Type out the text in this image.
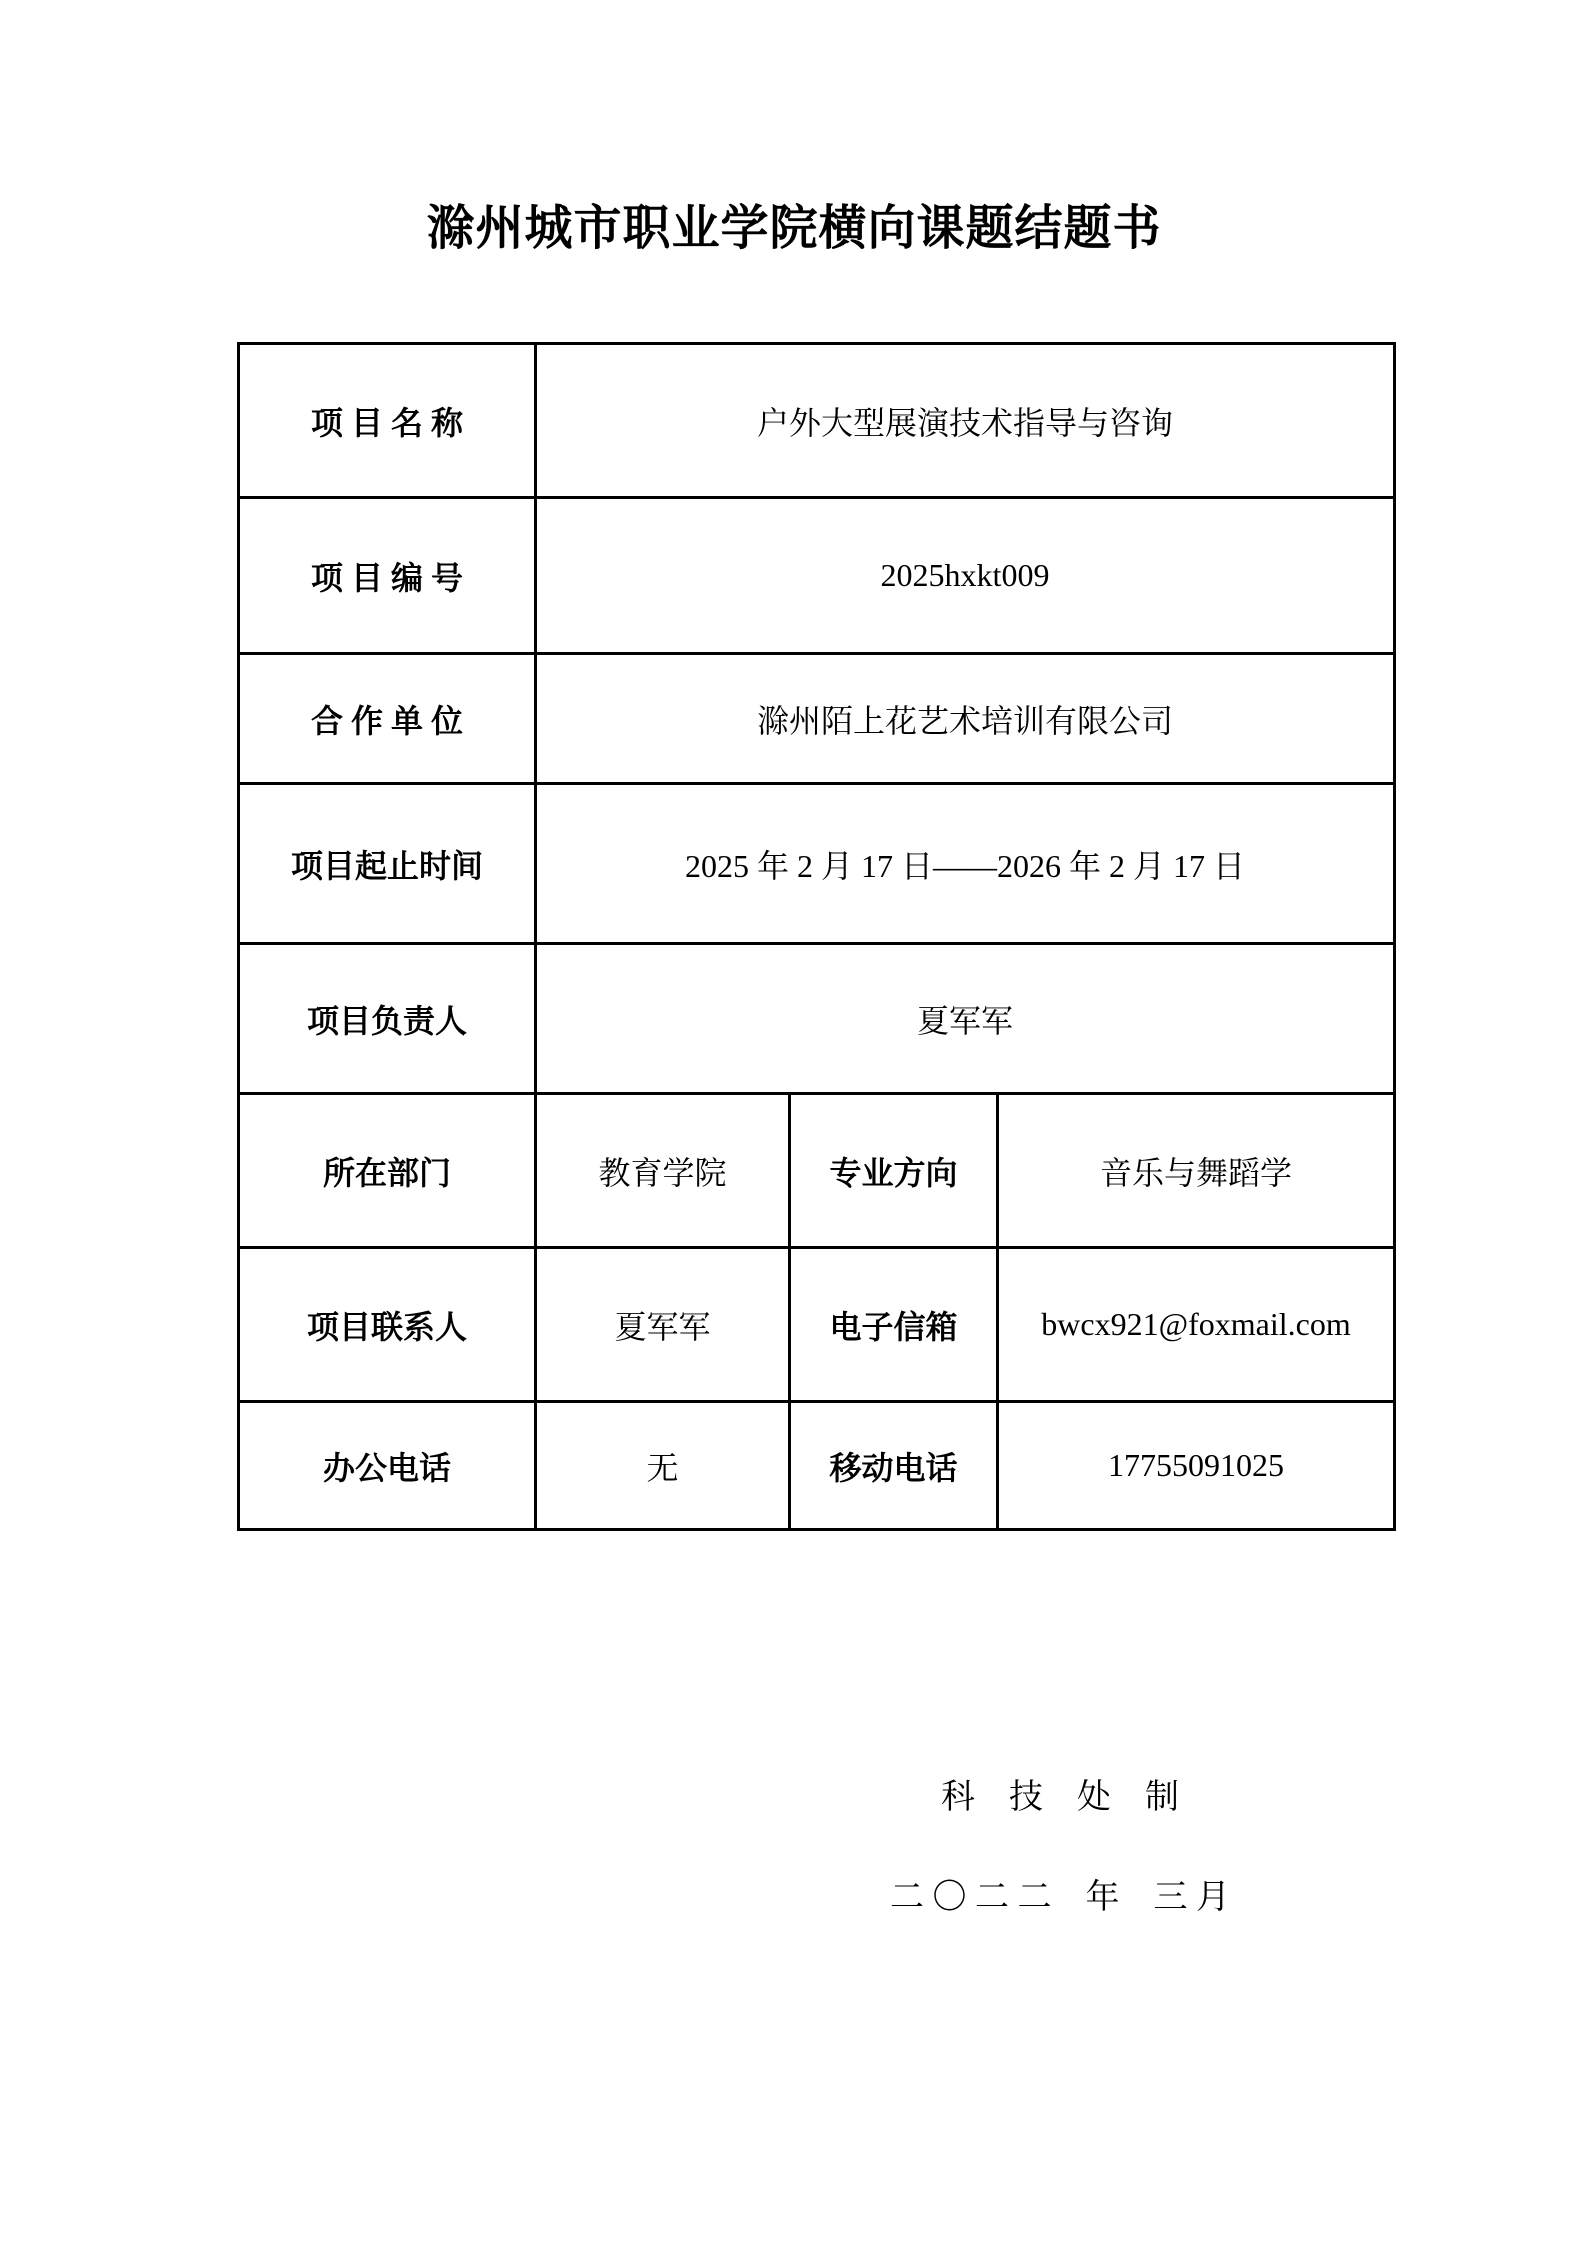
滁州城市职业学院横向课题结题书
项 目 名 称	户外大型展演技术指导与咨询		
项 目 编 号	2025hxkt009		
合 作 单 位	滁州陌上花艺术培训有限公司		
项目起止时间	2025 年 2 月 17 日——2026 年 2 月 17 日		
项目负责人	夏军军		
所在部门	教育学院	专业方向	音乐与舞蹈学
项目联系人	夏军军	电子信箱	bwcx921@foxmail.com
办公电话	无	移动电话	17755091025
科　技　处　制
二 〇 二 二　年　三 月
